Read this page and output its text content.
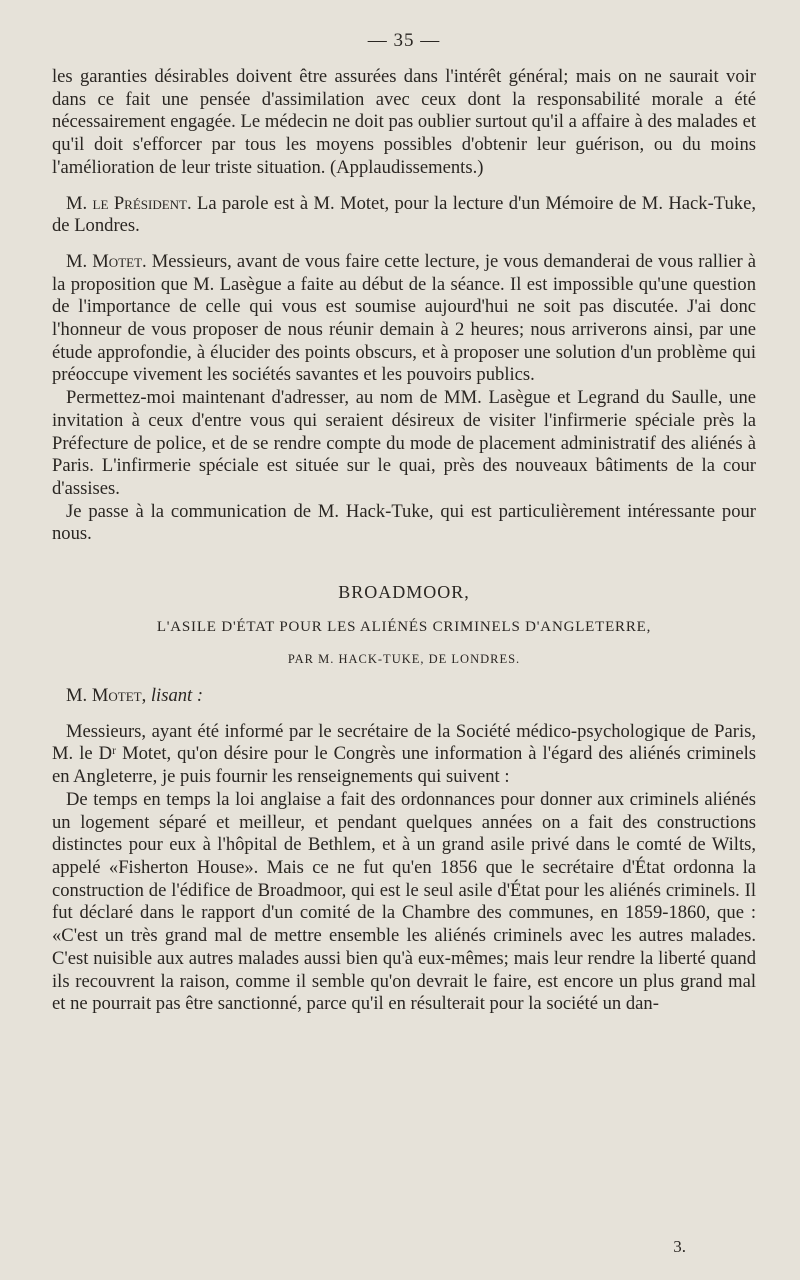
— 35 —

les garanties désirables doivent être assurées dans l'intérêt général; mais on ne saurait voir dans ce fait une pensée d'assimilation avec ceux dont la responsabilité morale a été nécessairement engagée. Le médecin ne doit pas oublier surtout qu'il a affaire à des malades et qu'il doit s'efforcer par tous les moyens possibles d'obtenir leur guérison, ou du moins l'amélioration de leur triste situation. (Applaudissements.)

M. le Président. La parole est à M. Motet, pour la lecture d'un Mémoire de M. Hack-Tuke, de Londres.

M. Motet. Messieurs, avant de vous faire cette lecture, je vous demanderai de vous rallier à la proposition que M. Lasègue a faite au début de la séance. Il est impossible qu'une question de l'importance de celle qui vous est soumise aujourd'hui ne soit pas discutée. J'ai donc l'honneur de vous proposer de nous réunir demain à 2 heures; nous arriverons ainsi, par une étude approfondie, à élucider des points obscurs, et à proposer une solution d'un problème qui préoccupe vivement les sociétés savantes et les pouvoirs publics.

Permettez-moi maintenant d'adresser, au nom de MM. Lasègue et Legrand du Saulle, une invitation à ceux d'entre vous qui seraient désireux de visiter l'infirmerie spéciale près la Préfecture de police, et de se rendre compte du mode de placement administratif des aliénés à Paris. L'infirmerie spéciale est située sur le quai, près des nouveaux bâtiments de la cour d'assises.

Je passe à la communication de M. Hack-Tuke, qui est particulièrement intéressante pour nous.

BROADMOOR,
L'ASILE D'ÉTAT POUR LES ALIÉNÉS CRIMINELS D'ANGLETERRE,
PAR M. HACK-TUKE, DE LONDRES.

M. Motet, lisant :

Messieurs, ayant été informé par le secrétaire de la Société médico-psychologique de Paris, M. le Dʳ Motet, qu'on désire pour le Congrès une information à l'égard des aliénés criminels en Angleterre, je puis fournir les renseignements qui suivent :

De temps en temps la loi anglaise a fait des ordonnances pour donner aux criminels aliénés un logement séparé et meilleur, et pendant quelques années on a fait des constructions distinctes pour eux à l'hôpital de Bethlem, et à un grand asile privé dans le comté de Wilts, appelé «Fisherton House». Mais ce ne fut qu'en 1856 que le secrétaire d'État ordonna la construction de l'édifice de Broadmoor, qui est le seul asile d'État pour les aliénés criminels. Il fut déclaré dans le rapport d'un comité de la Chambre des communes, en 1859-1860, que : «C'est un très grand mal de mettre ensemble les aliénés criminels avec les autres malades. C'est nuisible aux autres malades aussi bien qu'à eux-mêmes; mais leur rendre la liberté quand ils recouvrent la raison, comme il semble qu'on devrait le faire, est encore un plus grand mal et ne pourrait pas être sanctionné, parce qu'il en résulterait pour la société un dan-

3.
